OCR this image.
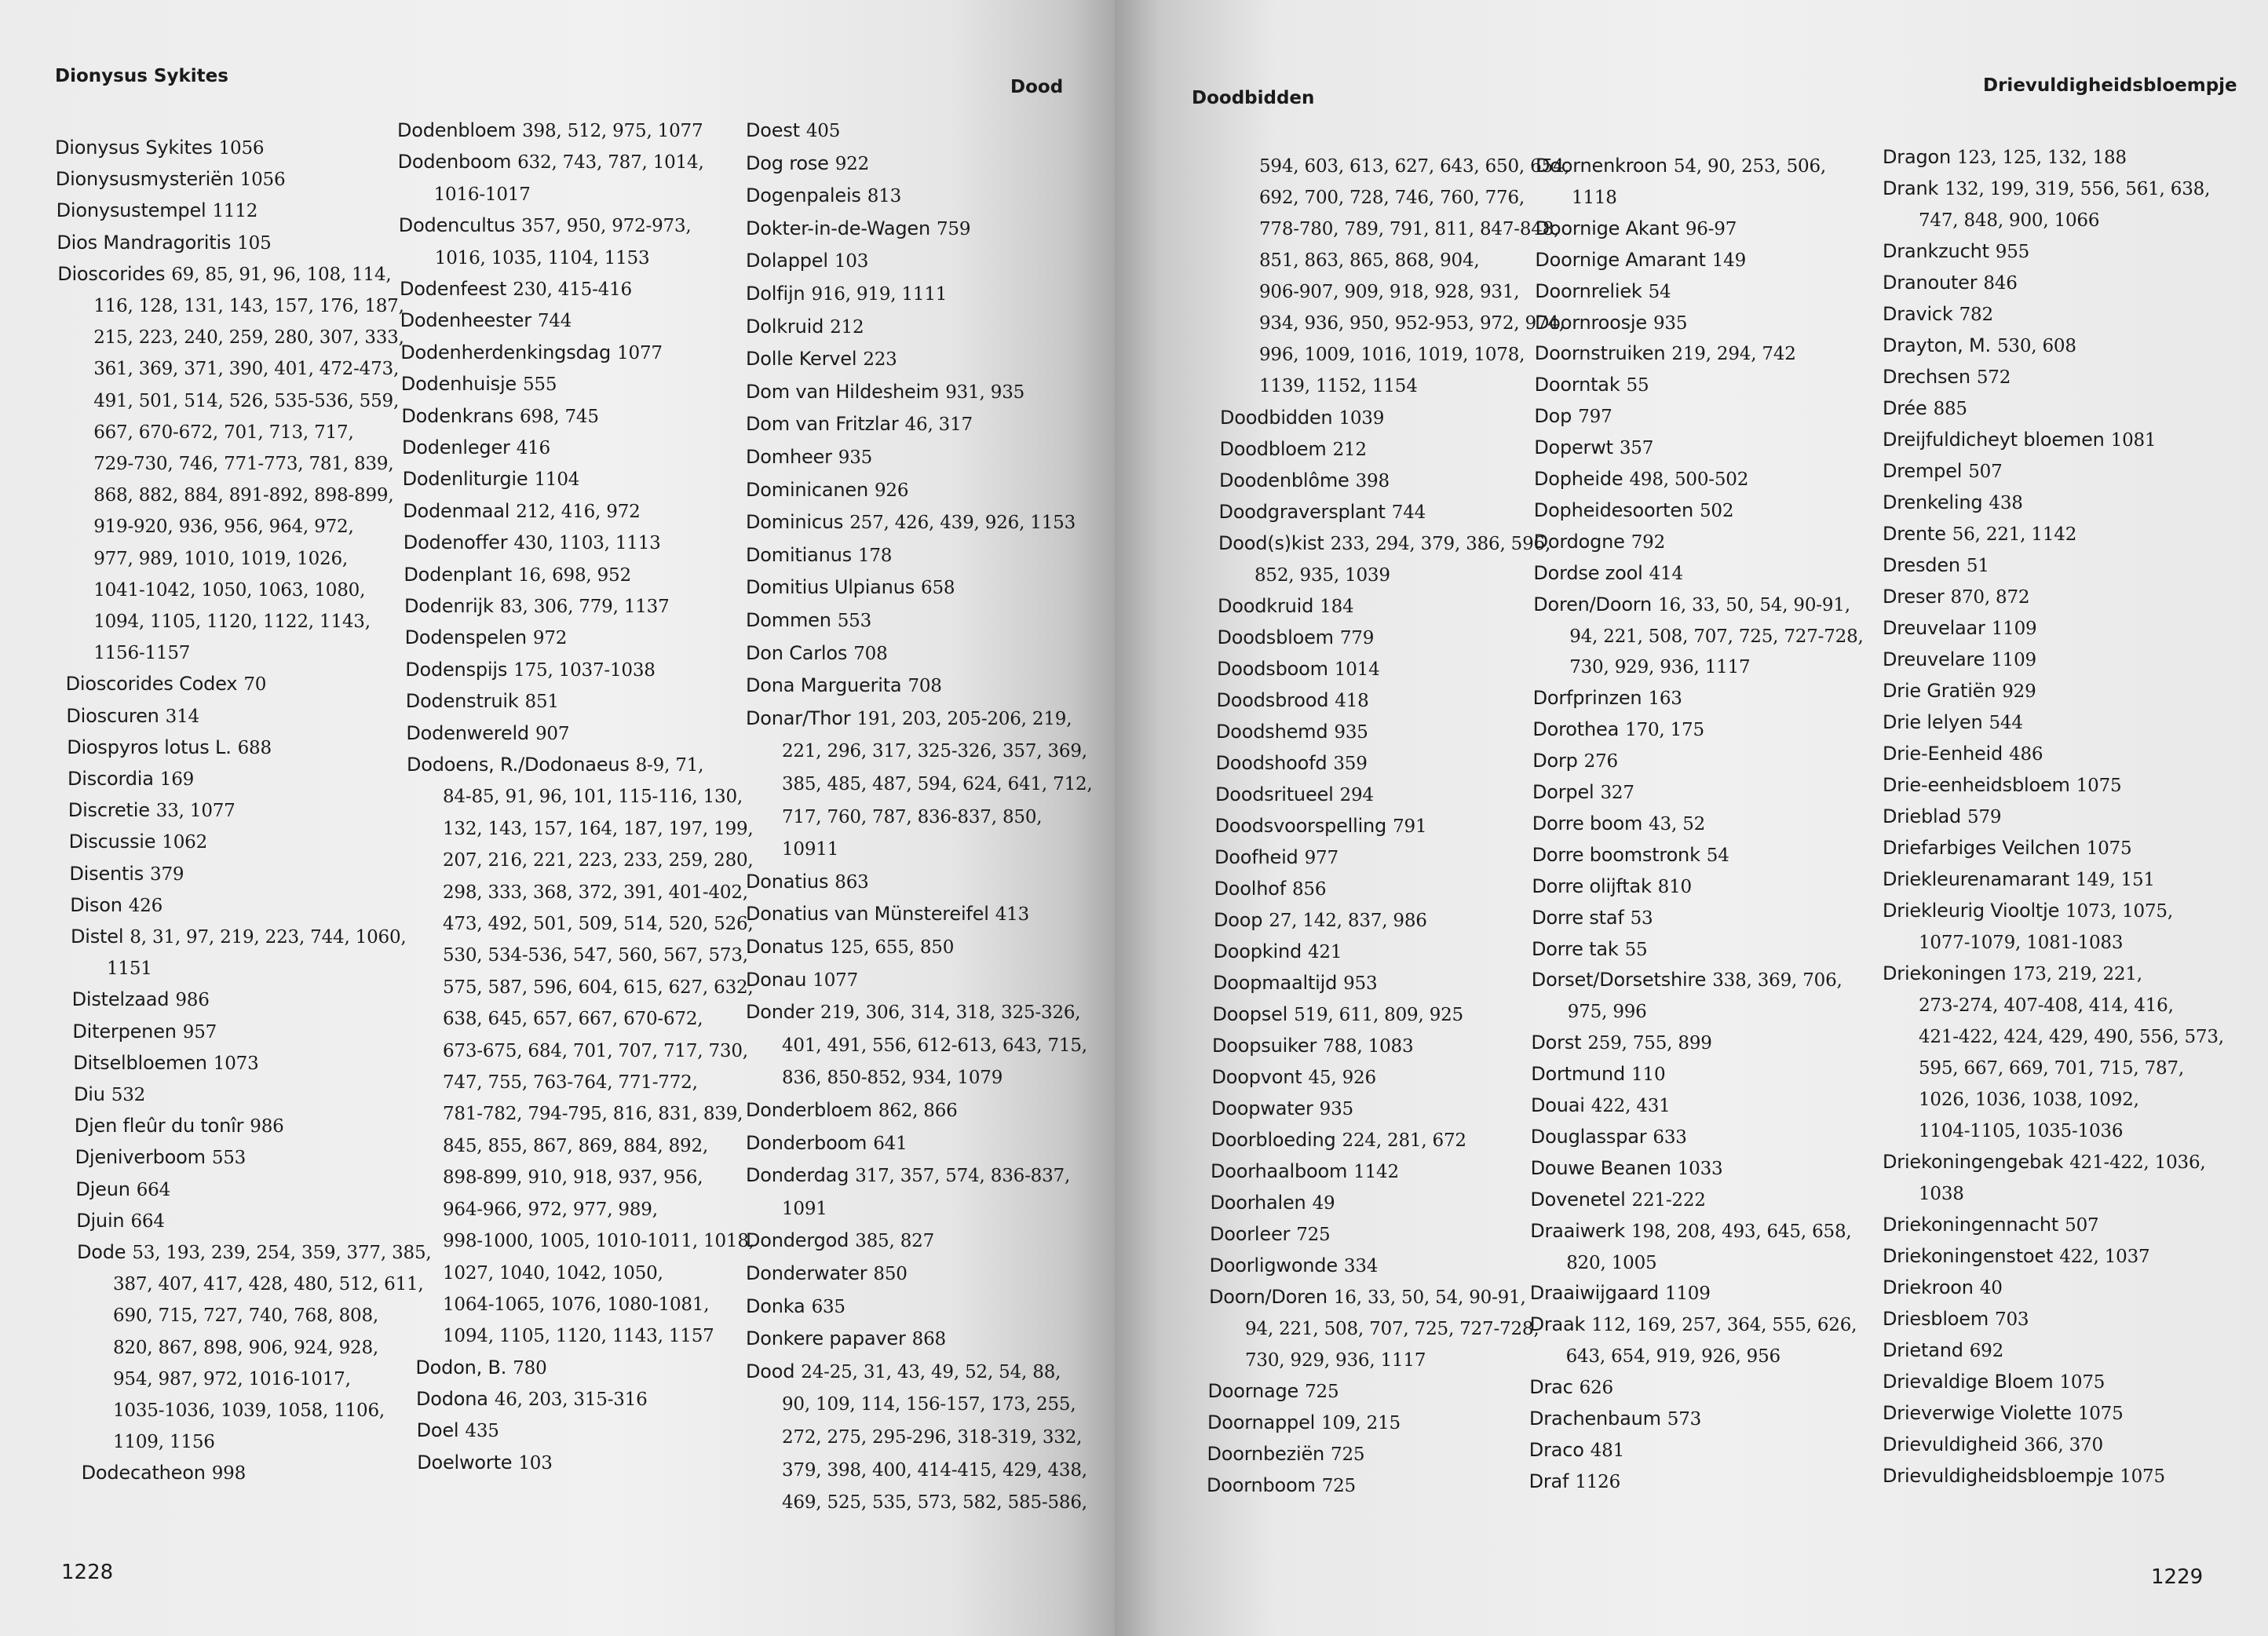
Dionysus Sykites
Dood
Dionysus Sykites 1056
Dionysusmysteriën 1056
Dionysustempel 1112
Dios Mandragoritis 105
Dioscorides 69, 85, 91, 96, 108, 114,
116, 128, 131, 143, 157, 176, 187,
215, 223, 240, 259, 280, 307, 333,
361, 369, 371, 390, 401, 472-473,
491, 501, 514, 526, 535-536, 559,
667, 670-672, 701, 713, 717,
729-730, 746, 771-773, 781, 839,
868, 882, 884, 891-892, 898-899,
919-920, 936, 956, 964, 972,
977, 989, 1010, 1019, 1026,
1041-1042, 1050, 1063, 1080,
1094, 1105, 1120, 1122, 1143,
1156-1157
Dioscorides Codex 70
Dioscuren 314
Diospyros lotus L. 688
Discordia 169
Discretie 33, 1077
Discussie 1062
Disentis 379
Dison 426
Distel 8, 31, 97, 219, 223, 744, 1060,
1151
Distelzaad 986
Diterpenen 957
Ditselbloemen 1073
Diu 532
Djen fleûr du tonîr 986
Djeniverboom 553
Djeun 664
Djuin 664
Dode 53, 193, 239, 254, 359, 377, 385,
387, 407, 417, 428, 480, 512, 611,
690, 715, 727, 740, 768, 808,
820, 867, 898, 906, 924, 928,
954, 987, 972, 1016-1017,
1035-1036, 1039, 1058, 1106,
1109, 1156
Dodecatheon 998
Dodenbloem 398, 512, 975, 1077
Dodenboom 632, 743, 787, 1014,
1016-1017
Dodencultus 357, 950, 972-973,
1016, 1035, 1104, 1153
Dodenfeest 230, 415-416
Dodenheester 744
Dodenherdenkingsdag 1077
Dodenhuisje 555
Dodenkrans 698, 745
Dodenleger 416
Dodenliturgie 1104
Dodenmaal 212, 416, 972
Dodenoffer 430, 1103, 1113
Dodenplant 16, 698, 952
Dodenrijk 83, 306, 779, 1137
Dodenspelen 972
Dodenspijs 175, 1037-1038
Dodenstruik 851
Dodenwereld 907
Dodoens, R./Dodonaeus 8-9, 71,
84-85, 91, 96, 101, 115-116, 130,
132, 143, 157, 164, 187, 197, 199,
207, 216, 221, 223, 233, 259, 280,
298, 333, 368, 372, 391, 401-402,
473, 492, 501, 509, 514, 520, 526,
530, 534-536, 547, 560, 567, 573,
575, 587, 596, 604, 615, 627, 632,
638, 645, 657, 667, 670-672,
673-675, 684, 701, 707, 717, 730,
747, 755, 763-764, 771-772,
781-782, 794-795, 816, 831, 839,
845, 855, 867, 869, 884, 892,
898-899, 910, 918, 937, 956,
964-966, 972, 977, 989,
998-1000, 1005, 1010-1011, 1018,
1027, 1040, 1042, 1050,
1064-1065, 1076, 1080-1081,
1094, 1105, 1120, 1143, 1157
Dodon, B. 780
Dodona 46, 203, 315-316
Doel 435
Doelworte 103
Doest 405
Dog rose 922
Dogenpaleis 813
Dokter-in-de-Wagen 759
Dolappel 103
Dolfijn 916, 919, 1111
Dolkruid 212
Dolle Kervel 223
Dom van Hildesheim 931, 935
Dom van Fritzlar 46, 317
Domheer 935
Dominicanen 926
Dominicus 257, 426, 439, 926, 1153
Domitianus 178
Domitius Ulpianus 658
Dommen 553
Don Carlos 708
Dona Marguerita 708
Donar/Thor 191, 203, 205-206, 219,
221, 296, 317, 325-326, 357, 369,
385, 485, 487, 594, 624, 641, 712,
717, 760, 787, 836-837, 850,
10911
Donatius 863
Donatius van Münstereifel 413
Donatus 125, 655, 850
Donau 1077
Donder 219, 306, 314, 318, 325-326,
401, 491, 556, 612-613, 643, 715,
836, 850-852, 934, 1079
Donderbloem 862, 866
Donderboom 641
Donderdag 317, 357, 574, 836-837,
1091
Dondergod 385, 827
Donderwater 850
Donka 635
Donkere papaver 868
Dood 24-25, 31, 43, 49, 52, 54, 88,
90, 109, 114, 156-157, 173, 255,
272, 275, 295-296, 318-319, 332,
379, 398, 400, 414-415, 429, 438,
469, 525, 535, 573, 582, 585-586,
1228
Doodbidden
Drievuldigheidsbloempje
594, 603, 613, 627, 643, 650, 654,
692, 700, 728, 746, 760, 776,
778-780, 789, 791, 811, 847-848,
851, 863, 865, 868, 904,
906-907, 909, 918, 928, 931,
934, 936, 950, 952-953, 972, 974,
996, 1009, 1016, 1019, 1078,
1139, 1152, 1154
Doodbidden 1039
Doodbloem 212
Doodenblôme 398
Doodgraversplant 744
Dood(s)kist 233, 294, 379, 386, 596,
852, 935, 1039
Doodkruid 184
Doodsbloem 779
Doodsboom 1014
Doodsbrood 418
Doodshemd 935
Doodshoofd 359
Doodsritueel 294
Doodsvoorspelling 791
Doofheid 977
Doolhof 856
Doop 27, 142, 837, 986
Doopkind 421
Doopmaaltijd 953
Doopsel 519, 611, 809, 925
Doopsuiker 788, 1083
Doopvont 45, 926
Doopwater 935
Doorbloeding 224, 281, 672
Doorhaalboom 1142
Doorhalen 49
Doorleer 725
Doorligwonde 334
Doorn/Doren 16, 33, 50, 54, 90-91,
94, 221, 508, 707, 725, 727-728,
730, 929, 936, 1117
Doornage 725
Doornappel 109, 215
Doornbeziën 725
Doornboom 725
Doornenkroon 54, 90, 253, 506,
1118
Doornige Akant 96-97
Doornige Amarant 149
Doornreliek 54
Doornroosje 935
Doornstruiken 219, 294, 742
Doorntak 55
Dop 797
Doperwt 357
Dopheide 498, 500-502
Dopheidesoorten 502
Dordogne 792
Dordse zool 414
Doren/Doorn 16, 33, 50, 54, 90-91,
94, 221, 508, 707, 725, 727-728,
730, 929, 936, 1117
Dorfprinzen 163
Dorothea 170, 175
Dorp 276
Dorpel 327
Dorre boom 43, 52
Dorre boomstronk 54
Dorre olijftak 810
Dorre staf 53
Dorre tak 55
Dorset/Dorsetshire 338, 369, 706,
975, 996
Dorst 259, 755, 899
Dortmund 110
Douai 422, 431
Douglasspar 633
Douwe Beanen 1033
Dovenetel 221-222
Draaiwerk 198, 208, 493, 645, 658,
820, 1005
Draaiwijgaard 1109
Draak 112, 169, 257, 364, 555, 626,
643, 654, 919, 926, 956
Drac 626
Drachenbaum 573
Draco 481
Draf 1126
Dragon 123, 125, 132, 188
Drank 132, 199, 319, 556, 561, 638,
747, 848, 900, 1066
Drankzucht 955
Dranouter 846
Dravick 782
Drayton, M. 530, 608
Drechsen 572
Drée 885
Dreijfuldicheyt bloemen 1081
Drempel 507
Drenkeling 438
Drente 56, 221, 1142
Dresden 51
Dreser 870, 872
Dreuvelaar 1109
Dreuvelare 1109
Drie Gratiën 929
Drie lelyen 544
Drie-Eenheid 486
Drie-eenheidsbloem 1075
Drieblad 579
Driefarbiges Veilchen 1075
Driekleurenamarant 149, 151
Driekleurig Viooltje 1073, 1075,
1077-1079, 1081-1083
Driekoningen 173, 219, 221,
273-274, 407-408, 414, 416,
421-422, 424, 429, 490, 556, 573,
595, 667, 669, 701, 715, 787,
1026, 1036, 1038, 1092,
1104-1105, 1035-1036
Driekoningengebak 421-422, 1036,
1038
Driekoningennacht 507
Driekoningenstoet 422, 1037
Driekroon 40
Driesbloem 703
Drietand 692
Drievaldige Bloem 1075
Drieverwige Violette 1075
Drievuldigheid 366, 370
Drievuldigheidsbloempje 1075
1229
